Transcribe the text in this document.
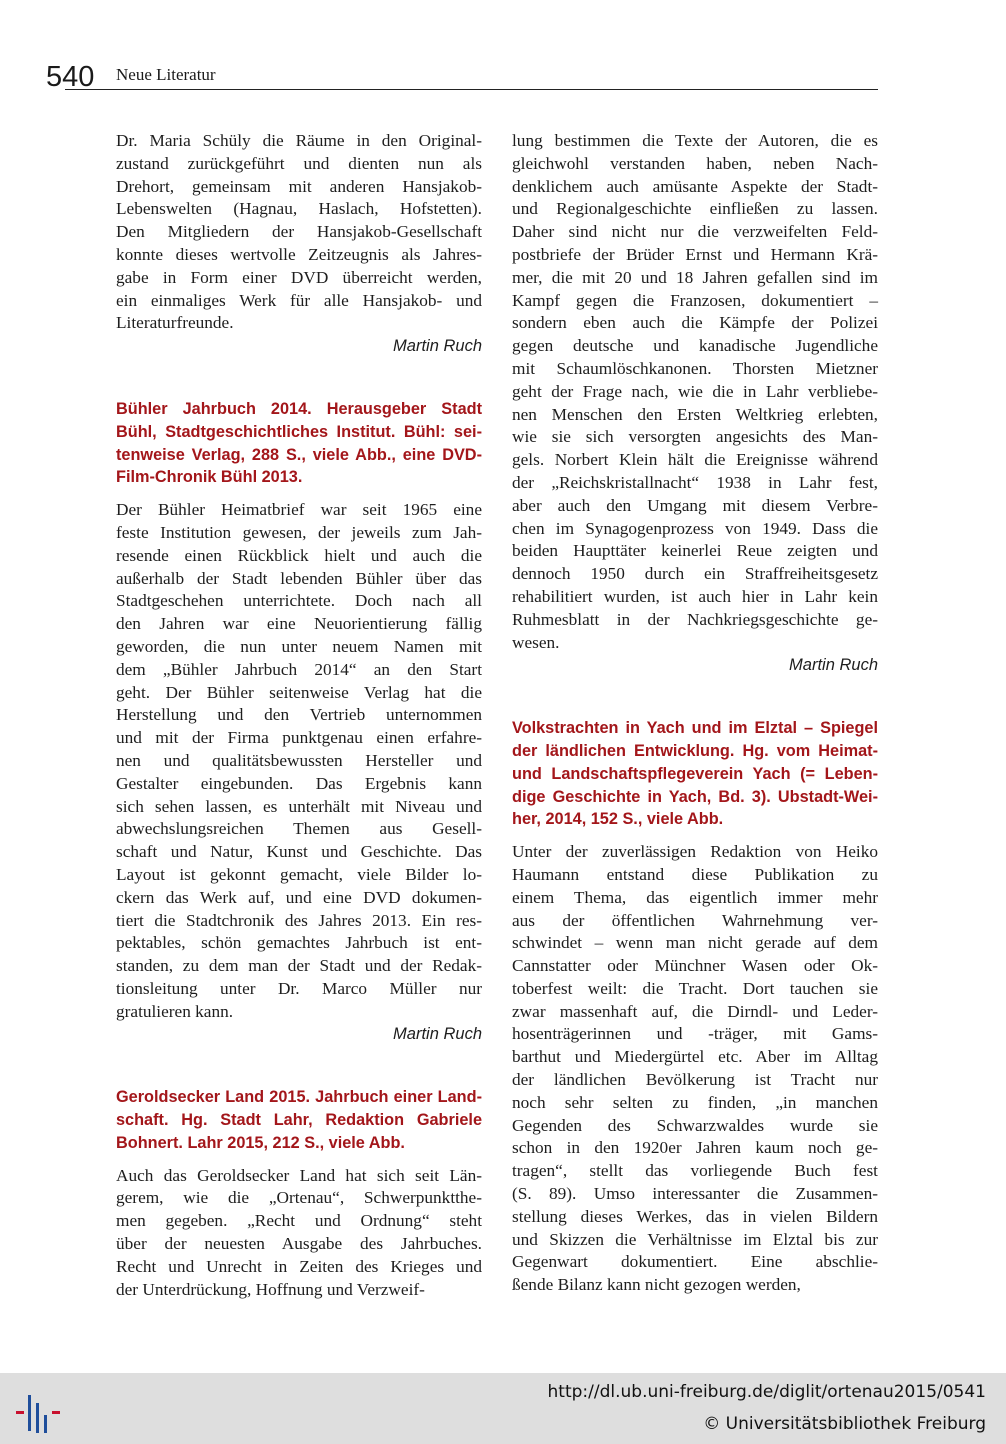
540 Neue Literatur
Dr. Maria Schüly die Räume in den Original-
zustand zurückgeführt und dienten nun als
Drehort, gemeinsam mit anderen Hansjakob-
Lebenswelten (Hagnau, Haslach, Hofstetten).
Den Mitgliedern der Hansjakob-Gesellschaft
konnte dieses wertvolle Zeitzeugnis als Jahres-
gabe in Form einer DVD überreicht werden,
ein einmaliges Werk für alle Hansjakob- und
Literaturfreunde.

Martin Ruch

Bühler Jahrbuch 2014. Herausgeber Stadt
Bühl, Stadtgeschichtliches Institut. Bühl: sei-
tenweise Verlag, 288 S., viele Abb., eine DVD-
Film-Chronik Bühl 2013.
Der Bühler Heimatbrief war seit 1965 eine
feste Institution gewesen, der jeweils zum Jah-
resende einen Rückblick hielt und auch die
außerhalb der Stadt lebenden Bühler über das
Stadtgeschehen unterrichtete. Doch nach all
den Jahren war eine Neuorientierung fällig
geworden, die nun unter neuem Namen mit
dem „Bühler Jahrbuch 2014“ an den Start
geht. Der Bühler seitenweise Verlag hat die
Herstellung und den Vertrieb unternommen
und mit der Firma punktgenau einen erfahre-
nen und qualitätsbewussten Hersteller und
Gestalter eingebunden. Das Ergebnis kann
sich sehen lassen, es unterhält mit Niveau und
abwechslungsreichen Themen aus Gesell-
schaft und Natur, Kunst und Geschichte. Das
Layout ist gekonnt gemacht, viele Bilder lo-
ckern das Werk auf, und eine DVD dokumen-
tiert die Stadtchronik des Jahres 2013. Ein res-
pektables, schön gemachtes Jahrbuch ist ent-
standen, zu dem man der Stadt und der Redak-
tionsleitung unter Dr. Marco Müller nur
gratulieren kann.

Martin Ruch

Geroldsecker Land 2015. Jahrbuch einer Land-
schaft. Hg. Stadt Lahr, Redaktion Gabriele
Bohnert. Lahr 2015, 212 S., viele Abb.
Auch das Geroldsecker Land hat sich seit Län-
gerem, wie die „Ortenau“, Schwerpunktthe-
men gegeben. „Recht und Ordnung“ steht
über der neuesten Ausgabe des Jahrbuches.
Recht und Unrecht in Zeiten des Krieges und
der Unterdrückung, Hoffnung und Verzweif-
lung bestimmen die Texte der Autoren, die es
gleichwohl verstanden haben, neben Nach-
denklichem auch amüsante Aspekte der Stadt-
und Regionalgeschichte einfließen zu lassen.
Daher sind nicht nur die verzweifelten Feld-
postbriefe der Brüder Ernst und Hermann Krä-
mer, die mit 20 und 18 Jahren gefallen sind im
Kampf gegen die Franzosen, dokumentiert –
sondern eben auch die Kämpfe der Polizei
gegen deutsche und kanadische Jugendliche
mit Schaumlöschkanonen. Thorsten Mietzner
geht der Frage nach, wie die in Lahr verbliebe-
nen Menschen den Ersten Weltkrieg erlebten,
wie sie sich versorgten angesichts des Man-
gels. Norbert Klein hält die Ereignisse während
der „Reichskristallnacht“ 1938 in Lahr fest,
aber auch den Umgang mit diesem Verbre-
chen im Synagogenprozess von 1949. Dass die
beiden Haupttäter keinerlei Reue zeigten und
dennoch 1950 durch ein Straffreiheitsgesetz
rehabilitiert wurden, ist auch hier in Lahr kein
Ruhmesblatt in der Nachkriegsgeschichte ge-
wesen.

Martin Ruch

Volkstrachten in Yach und im Elztal – Spiegel
der ländlichen Entwicklung. Hg. vom Heimat-
und Landschaftspflegeverein Yach (= Leben-
dige Geschichte in Yach, Bd. 3). Ubstadt-Wei-
her, 2014, 152 S., viele Abb.
Unter der zuverlässigen Redaktion von Heiko
Haumann entstand diese Publikation zu
einem Thema, das eigentlich immer mehr
aus der öffentlichen Wahrnehmung ver-
schwindet – wenn man nicht gerade auf dem
Cannstatter oder Münchner Wasen oder Ok-
toberfest weilt: die Tracht. Dort tauchen sie
zwar massenhaft auf, die Dirndl- und Leder-
hosenträgerinnen und -träger, mit Gams-
barthut und Miedergürtel etc. Aber im Alltag
der ländlichen Bevölkerung ist Tracht nur
noch sehr selten zu finden, „in manchen
Gegenden des Schwarzwaldes wurde sie
schon in den 1920er Jahren kaum noch ge-
tragen“, stellt das vorliegende Buch fest
(S. 89). Umso interessanter die Zusammen-
stellung dieses Werkes, das in vielen Bildern
und Skizzen die Verhältnisse im Elztal bis zur
Gegenwart dokumentiert. Eine abschlie-
ßende Bilanz kann nicht gezogen werden,
http://dl.ub.uni-freiburg.de/diglit/ortenau2015/0541
© Universitätsbibliothek Freiburg
